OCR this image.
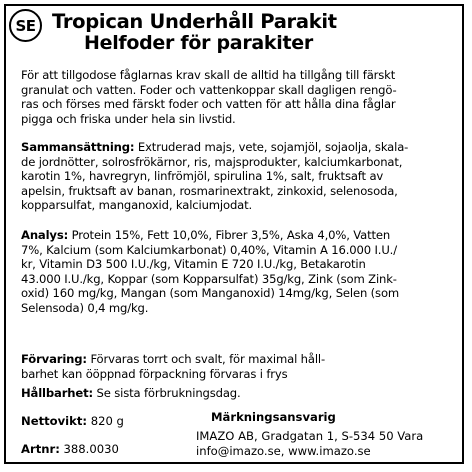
SE Tropican Underhåll Parakit
Helfoder för parakiter

För att tillgodose fåglarnas krav skall de alltid ha tillgång till färskt
granulat och vatten. Foder och vattenkoppar skall dagligen rengö-
ras och förses med färskt foder och vatten för att hålla dina fåglar
pigga och friska under hela sin livstid.

Sammansättning: Extruderad majs, vete, sojamjöl, sojaolja, skala-
de jordnötter, solrosfrökärnor, ris, majsprodukter, kalciumkarbonat,
karotin 1%, havregryn, linfrömjöl, spirulina 1%, salt, fruktsaft av
apelsin, fruktsaft av banan, rosmarinextrakt, zinkoxid, selenosoda,
kopparsulfat, manganoxid, kalciumjodat.

Analys: Protein 15%, Fett 10,0%, Fibrer 3,5%, Aska 4,0%, Vatten
7%, Kalcium (som Kalciumkarbonat) 0,40%, Vitamin A 16.000 I.U./
kr, Vitamin D3 500 I.U./kg, Vitamin E 720 I.U./kg, Betakarotin
43.000 I.U./kg, Koppar (som Kopparsulfat) 35g/kg, Zink (som Zink-
oxid) 160 mg/kg, Mangan (som Manganoxid) 14mg/kg, Selen (som
Selensoda) 0,4 mg/kg.

Förvaring: Förvaras torrt och svalt, för maximal håll-
barhet kan ööppnad förpackning förvaras i frys

Hållbarhet: Se sista förbrukningsdag.

Nettovikt: 820 g
Artnr: 388.0030
Märkningsansvarig
IMAZO AB, Gradgatan 1, S-534 50 Vara
info@imazo.se, www.imazo.se
